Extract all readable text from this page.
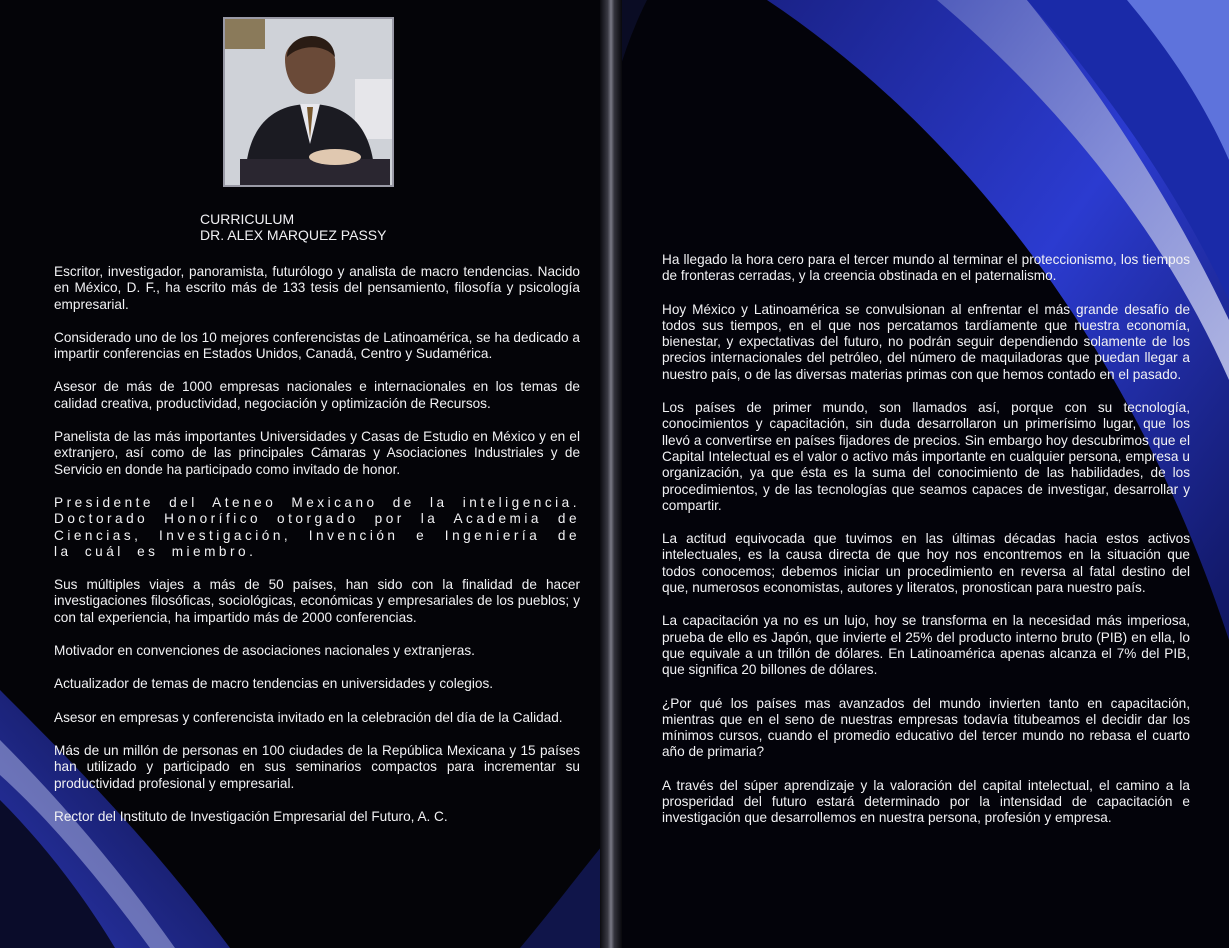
CURRICULUM
DR. ALEX MARQUEZ PASSY

Escritor, investigador, panoramista, futurólogo y analista de macro tendencias. Nacido en México, D. F., ha escrito más de 133 tesis del pensamiento, filosofía y psicología empresarial.

Considerado uno de los 10 mejores conferencistas de Latinoamérica, se ha dedicado a impartir conferencias en Estados Unidos, Canadá, Centro y Sudamérica.

Asesor de más de 1000 empresas nacionales e internacionales en los temas de calidad creativa, productividad, negociación y optimización de Recursos.

Panelista de las más importantes Universidades y Casas de Estudio en México y en el extranjero, así como de las principales Cámaras y Asociaciones Industriales y de Servicio en donde ha participado como invitado de honor.

Presidente del Ateneo Mexicano de la inteligencia. Doctorado Honorífico otorgado por la Academia de Ciencias, Investigación, Invención e Ingeniería de la cuál es miembro.

Sus múltiples viajes a más de 50 países, han sido con la finalidad de hacer investigaciones filosóficas, sociológicas, económicas y empresariales de los pueblos; y con tal experiencia, ha impartido más de 2000 conferencias.

Motivador en convenciones de asociaciones nacionales y extranjeras.

Actualizador de temas de macro tendencias en universidades y colegios.

Asesor en empresas y conferencista invitado en la celebración del día de la Calidad.

Más de un millón de personas en 100 ciudades de la República Mexicana y 15 países han utilizado y participado en sus seminarios compactos para incrementar su productividad profesional y empresarial.

Rector del Instituto de Investigación Empresarial del Futuro, A. C.

Ha llegado la hora cero para el tercer mundo al terminar el proteccionismo, los tiempos de fronteras cerradas, y la creencia obstinada en el paternalismo.

Hoy México y Latinoamérica se convulsionan al enfrentar el más grande desafío de todos sus tiempos, en el que nos percatamos tardíamente que nuestra economía, bienestar, y expectativas del futuro, no podrán seguir dependiendo solamente de los precios internacionales del petróleo, del número de maquiladoras que puedan llegar a nuestro país, o de las diversas materias primas con que hemos contado en el pasado.

Los países de primer mundo, son llamados así, porque con su tecnología, conocimientos y capacitación, sin duda desarrollaron un primerísimo lugar, que los llevó a convertirse en países fijadores de precios. Sin embargo hoy descubrimos que el Capital Intelectual es el valor o activo más importante en cualquier persona, empresa u organización, ya que ésta es la suma del conocimiento de las habilidades, de los procedimientos, y de las tecnologías que seamos capaces de investigar, desarrollar y compartir.

La actitud equivocada que tuvimos en las últimas décadas hacia estos activos intelectuales, es la causa directa de que hoy nos encontremos en la situación que todos conocemos; debemos iniciar un procedimiento en reversa al fatal destino del que, numerosos economistas, autores y literatos, pronostican para nuestro país.

La capacitación ya no es un lujo, hoy se transforma en la necesidad más imperiosa, prueba de ello es Japón, que invierte el 25% del producto interno bruto (PIB) en ella, lo que equivale a un trillón de dólares. En Latinoamérica apenas alcanza el 7% del PIB, que significa 20 billones de dólares.

¿Por qué los países mas avanzados del mundo invierten tanto en capacitación, mientras que en el seno de nuestras empresas todavía titubeamos el decidir dar los mínimos cursos, cuando el promedio educativo del tercer mundo no rebasa el cuarto año de primaria?

A través del súper aprendizaje y la valoración del capital intelectual, el camino a la prosperidad del futuro estará determinado por la intensidad de capacitación e investigación que desarrollemos en nuestra persona, profesión y empresa.
